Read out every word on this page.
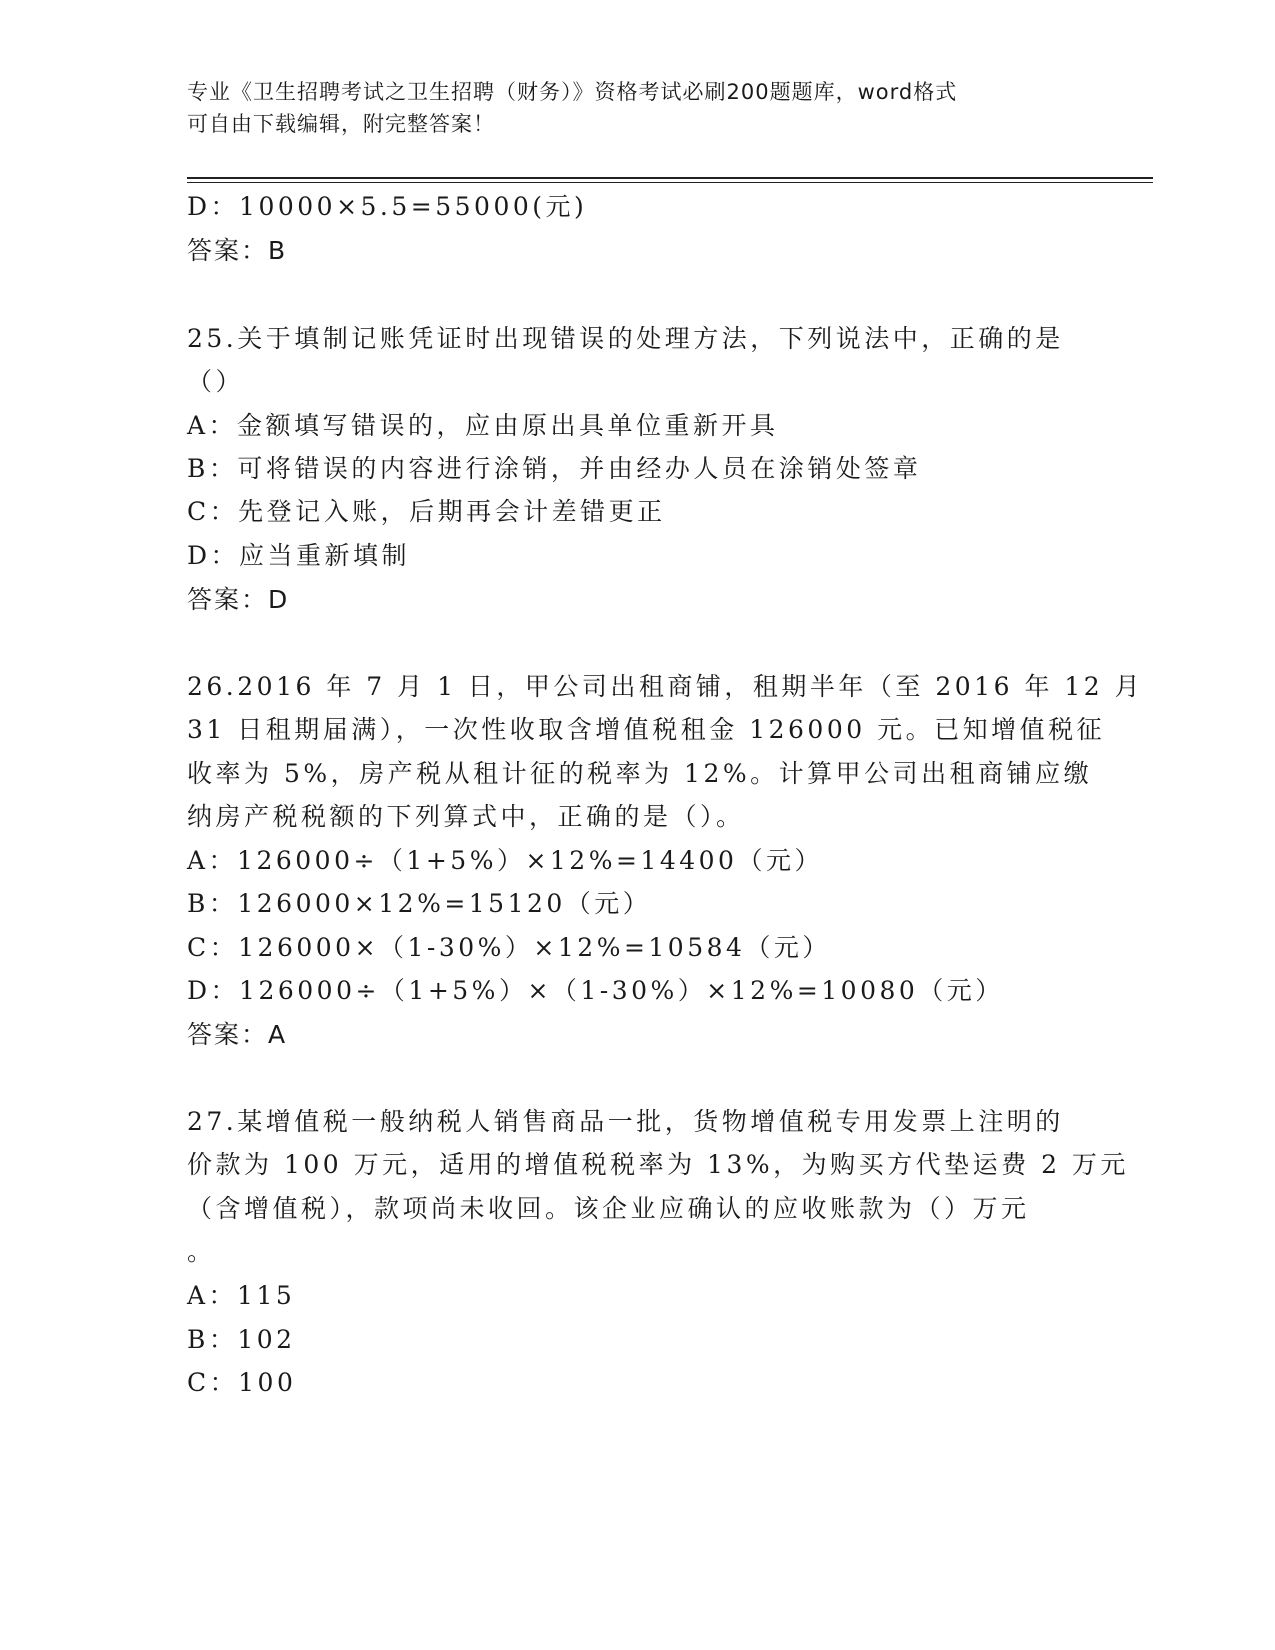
专业《卫生招聘考试之卫生招聘（财务）》资格考试必刷200题题库，word格式
可自由下载编辑，附完整答案！
D：10000×5.5=55000(元)
答案：B
25.关于填制记账凭证时出现错误的处理方法，下列说法中，正确的是
（）
A：金额填写错误的，应由原出具单位重新开具
B：可将错误的内容进行涂销，并由经办人员在涂销处签章
C：先登记入账，后期再会计差错更正
D：应当重新填制
答案：D
26.2016 年 7 月 1 日，甲公司出租商铺，租期半年（至 2016 年 12 月
31 日租期届满），一次性收取含增值税租金 126000 元。已知增值税征
收率为 5%，房产税从租计征的税率为 12%。计算甲公司出租商铺应缴
纳房产税税额的下列算式中，正确的是（）。
A：126000÷（1+5%）×12%=14400（元）
B：126000×12%=15120（元）
C：126000×（1-30%）×12%=10584（元）
D：126000÷（1+5%）×（1-30%）×12%=10080（元）
答案：A
27.某增值税一般纳税人销售商品一批，货物增值税专用发票上注明的
价款为 100 万元，适用的增值税税率为 13%，为购买方代垫运费 2 万元
（含增值税），款项尚未收回。该企业应确认的应收账款为（）万元
。
A：115
B：102
C：100
